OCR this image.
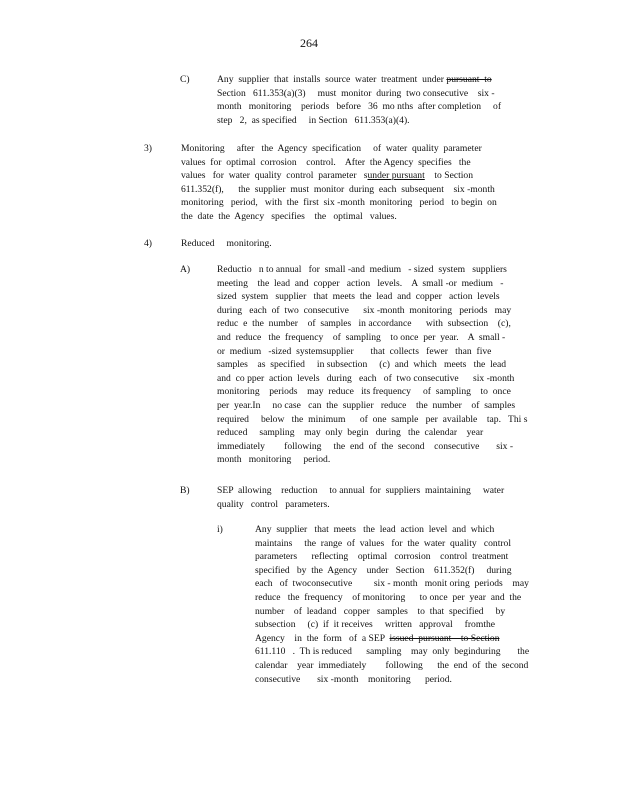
264
C)	Any  supplier  that  installs  source  water  treatment  under pursuant  to
Section   611.353(a)(3)     must  monitor  during  two consecutive    six -
month   monitoring    periods   before   36  mo nths  after completion     of
step   2,  as specified     in Section   611.353(a)(4).
3)	Monitoring     after   the  Agency  specification     of  water  quality  parameter
values  for  optimal  corrosion    control.    After  the Agency  specifies   the
values   for  water  quality  control  parameter   sunder pursuant    to Section
611.352(f),      the  supplier  must  monitor  during  each  subsequent    six -month
monitoring   period,   with  the  first  six -month  monitoring   period   to begin  on
the  date  the  Agency   specifies    the   optimal   values.
4)	Reduced     monitoring.
A)	Reductio   n to annual   for  small -and  medium   - sized  system   suppliers
meeting    the  lead  and  copper   action   levels.    A  small -or  medium   -
sized  system   supplier   that  meets  the  lead  and  copper   action  levels
during   each  of  two  consecutive      six -month  monitoring   periods   may
reduc  e  the  number    of  samples   in accordance      with  subsection    (c),
and  reduce   the  frequency    of  sampling    to once  per  year.    A  small -
or  medium   -sized  systemsupplier       that  collects   fewer   than  five
samples    as  specified     in subsection     (c)  and  which   meets   the  lead
and  co pper  action  levels   during   each   of  two consecutive      six -month
monitoring    periods    may  reduce   its frequency     of  sampling    to  once
per  year.In     no case   can  the  supplier   reduce    the  number    of  samples
required     below   the  minimum      of  one  sample   per  available    tap.   Thi s
reduced     sampling    may  only  begin   during   the  calendar    year
immediately        following     the  end  of  the  second    consecutive       six -
month   monitoring     period.
B)	SEP  allowing    reduction     to annual  for  suppliers  maintaining     water
quality   control   parameters.
i)	Any  supplier   that  meets   the  lead  action  level  and  which
maintains     the  range  of  values   for  the  water  quality   control
parameters      reflecting    optimal   corrosion    control  treatment
specified   by  the  Agency    under   Section    611.352(f)     during
each   of  twoconsecutive         six - month   monit oring  periods    may
reduce   the  frequency    of monitoring      to once  per  year  and  the
number    of  leadand   copper   samples    to  that  specified     by
subsection     (c)  if  it receives     written   approval     fromthe
Agency    in  the  form   of  a SEP  issued  pursuant    to Section
611.110   .  Th is reduced      sampling    may  only  beginduring       the
calendar    year  immediately        following      the  end  of  the  second
consecutive       six -month    monitoring      period.
